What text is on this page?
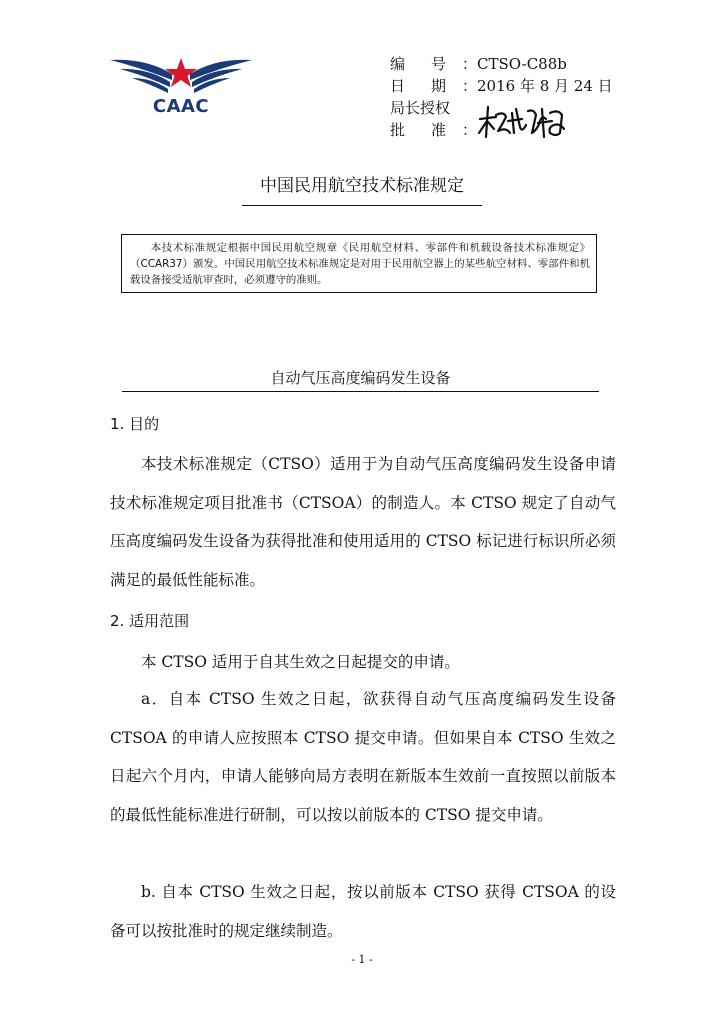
CAAC
编 号 ： CTSO-C88b
日 期 ： 2016 年 8 月 24 日
局长授权
批 准 ：
中国民用航空技术标准规定
本技术标准规定根据中国民用航空规章《民用航空材料、零部件和机载设备技术标准规定》（CCAR37）颁发。中国民用航空技术标准规定是对用于民用航空器上的某些航空材料、零部件和机载设备接受适航审查时，必须遵守的准则。
自动气压高度编码发生设备
1. 目的
本技术标准规定（CTSO）适用于为自动气压高度编码发生设备申请技术标准规定项目批准书（CTSOA）的制造人。本 CTSO 规定了自动气压高度编码发生设备为获得批准和使用适用的 CTSO 标记进行标识所必须满足的最低性能标准。
2. 适用范围
本 CTSO 适用于自其生效之日起提交的申请。
a．自本 CTSO 生效之日起，欲获得自动气压高度编码发生设备 CTSOA 的申请人应按照本 CTSO 提交申请。但如果自本 CTSO 生效之日起六个月内，申请人能够向局方表明在新版本生效前一直按照以前版本的最低性能标准进行研制，可以按以前版本的 CTSO 提交申请。
b. 自本 CTSO 生效之日起，按以前版本 CTSO 获得 CTSOA 的设备可以按批准时的规定继续制造。
- 1 -
